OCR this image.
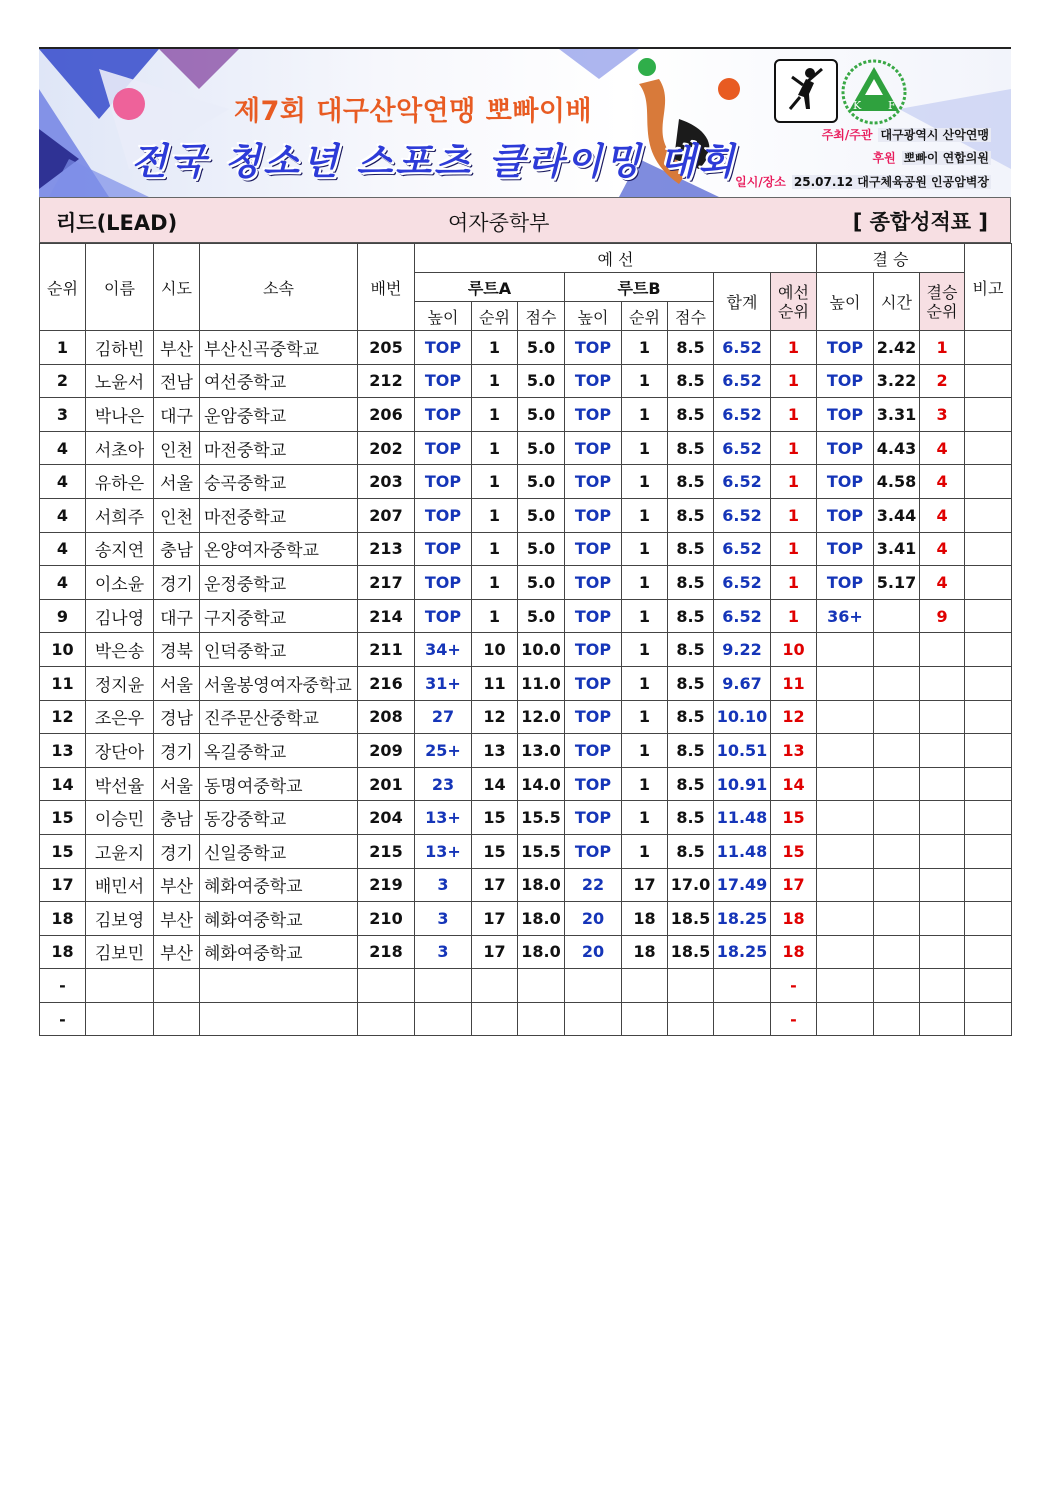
제7회 대구산악연맹 뽀빠이배
전국 청소년 스포츠 클라이밍 대회
K F
주최/주관 대구광역시 산악연맹
후원 뽀빠이 연합의원
일시/장소 25.07.12 대구체육공원 인공암벽장
리드(LEAD)	여자중학부	[ 종합성적표 ]
순위	이름	시도	소속	배번	예 선								결 승			비고
					루트A			루트B			합계	예선순위	높이	시간	결승순위	
					높이	순위	점수	높이	순위	점수						
1	김하빈	부산	부산신곡중학교	205	TOP	1	5.0	TOP	1	8.5	6.52	1	TOP	2.42	1	
2	노윤서	전남	여선중학교	212	TOP	1	5.0	TOP	1	8.5	6.52	1	TOP	3.22	2	
3	박나은	대구	운암중학교	206	TOP	1	5.0	TOP	1	8.5	6.52	1	TOP	3.31	3	
4	서초아	인천	마전중학교	202	TOP	1	5.0	TOP	1	8.5	6.52	1	TOP	4.43	4	
4	유하은	서울	숭곡중학교	203	TOP	1	5.0	TOP	1	8.5	6.52	1	TOP	4.58	4	
4	서희주	인천	마전중학교	207	TOP	1	5.0	TOP	1	8.5	6.52	1	TOP	3.44	4	
4	송지연	충남	온양여자중학교	213	TOP	1	5.0	TOP	1	8.5	6.52	1	TOP	3.41	4	
4	이소윤	경기	운정중학교	217	TOP	1	5.0	TOP	1	8.5	6.52	1	TOP	5.17	4	
9	김나영	대구	구지중학교	214	TOP	1	5.0	TOP	1	8.5	6.52	1	36+		9	
10	박은송	경북	인덕중학교	211	34+	10	10.0	TOP	1	8.5	9.22	10				
11	정지윤	서울	서울봉영여자중학교	216	31+	11	11.0	TOP	1	8.5	9.67	11				
12	조은우	경남	진주문산중학교	208	27	12	12.0	TOP	1	8.5	10.10	12				
13	장단아	경기	옥길중학교	209	25+	13	13.0	TOP	1	8.5	10.51	13				
14	박선율	서울	동명여중학교	201	23	14	14.0	TOP	1	8.5	10.91	14				
15	이승민	충남	동강중학교	204	13+	15	15.5	TOP	1	8.5	11.48	15				
15	고윤지	경기	신일중학교	215	13+	15	15.5	TOP	1	8.5	11.48	15				
17	배민서	부산	혜화여중학교	219	3	17	18.0	22	17	17.0	17.49	17				
18	김보영	부산	혜화여중학교	210	3	17	18.0	20	18	18.5	18.25	18				
18	김보민	부산	혜화여중학교	218	3	17	18.0	20	18	18.5	18.25	18				
-												-				
-												-				
